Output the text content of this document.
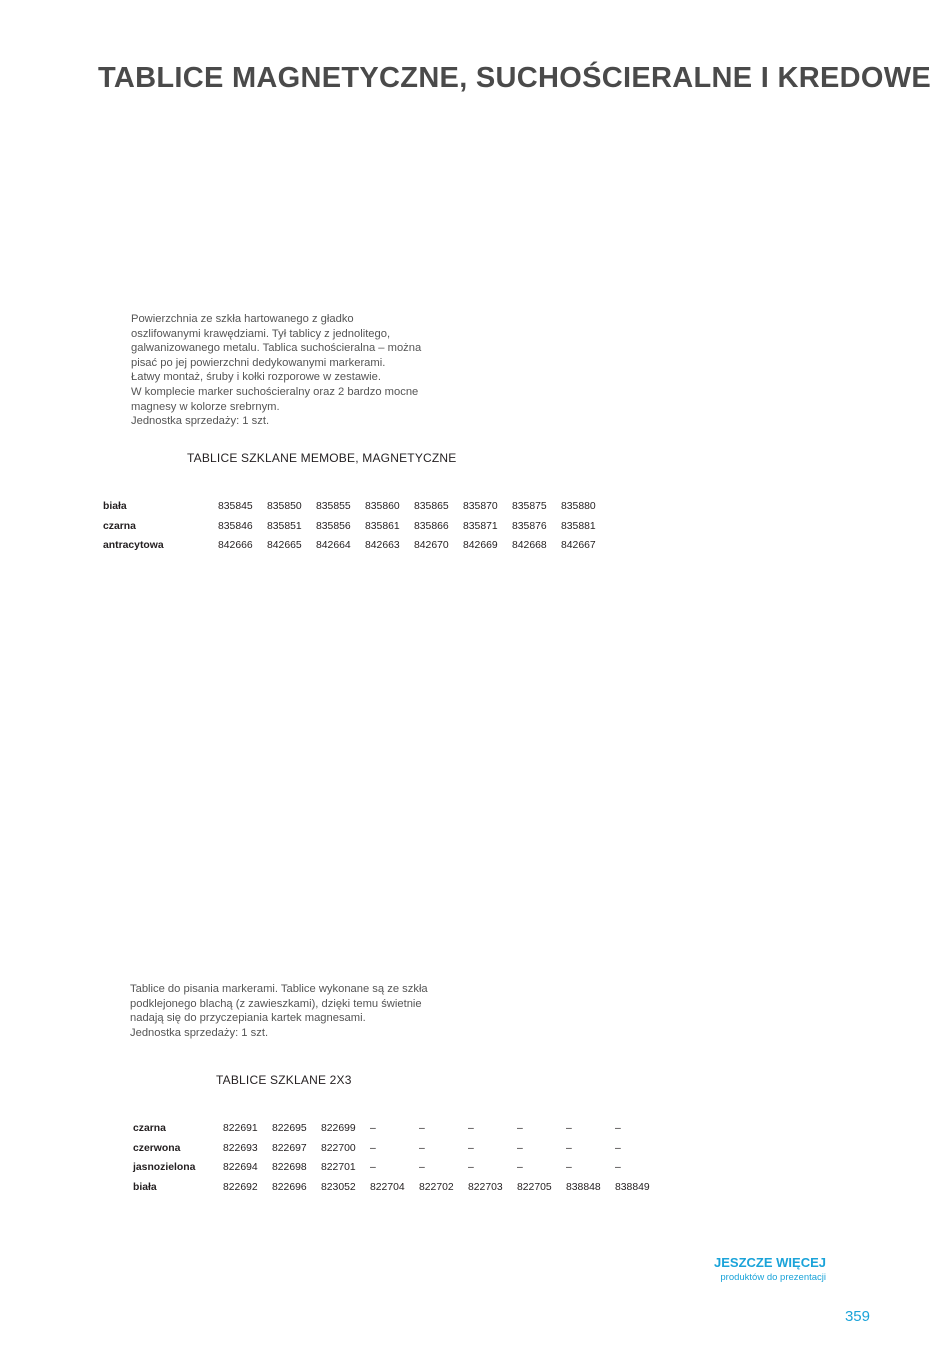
TABLICE MAGNETYCZNE, SUCHOŚCIERALNE I KREDOWE
Powierzchnia ze szkła hartowanego z gładko
oszlifowanymi krawędziami. Tył tablicy z jednolitego,
galwanizowanego metalu. Tablica suchościeralna – można
pisać po jej powierzchni dedykowanymi markerami.
Łatwy montaż, śruby i kołki rozporowe w zestawie.
W komplecie marker suchościeralny oraz 2 bardzo mocne
magnesy w kolorze srebrnym.
Jednostka sprzedaży: 1 szt.
TABLICE SZKLANE MEMOBE, MAGNETYCZNE
biała	835845	835850	835855	835860	835865	835870	835875	835880
czarna	835846	835851	835856	835861	835866	835871	835876	835881
antracytowa	842666	842665	842664	842663	842670	842669	842668	842667
Tablice do pisania markerami. Tablice wykonane są ze szkła
podklejonego blachą (z zawieszkami), dzięki temu świetnie
nadają się do przyczepiania kartek magnesami.
Jednostka sprzedaży: 1 szt.
TABLICE SZKLANE 2X3
czarna	822691	822695	822699	–	–	–	–	–	–
czerwona	822693	822697	822700	–	–	–	–	–	–
jasnozielona	822694	822698	822701	–	–	–	–	–	–
biała	822692	822696	823052	822704	822702	822703	822705	838848	838849
JESZCZE WIĘCEJ
produktów do prezentacji
359
